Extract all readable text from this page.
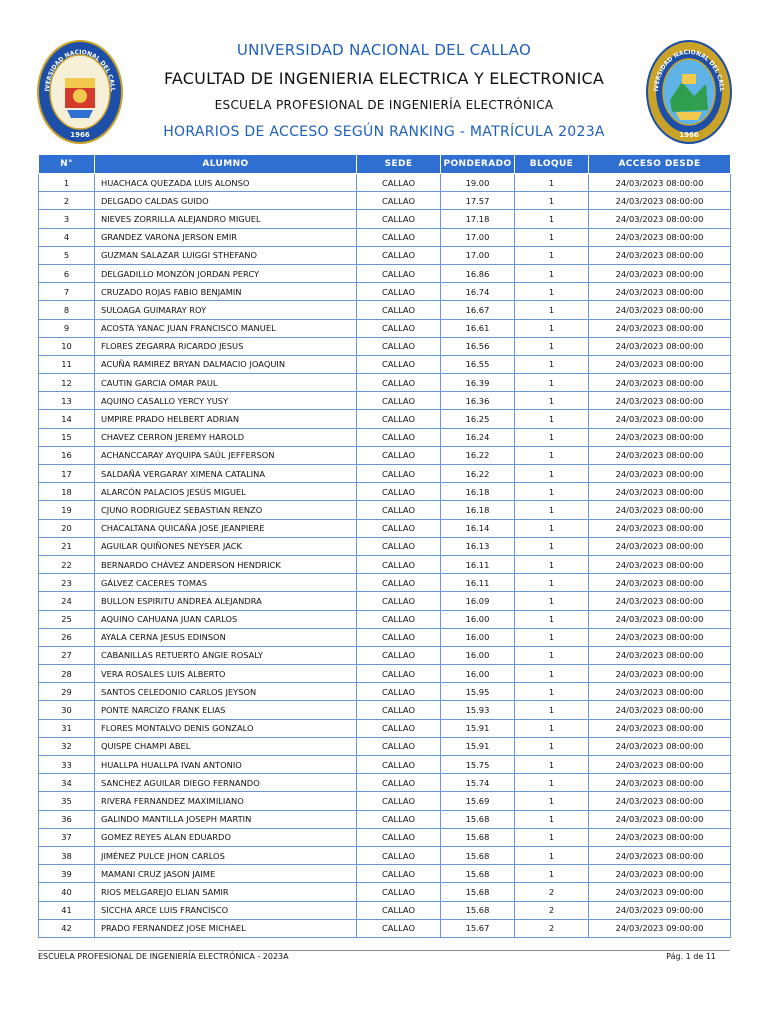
IVERSIDAD NACIONAL DEL CALL
1966
UNIVERSIDAD NACIONAL DEL CALLAO
FACULTAD DE INGENIERIA ELECTRICA Y ELECTRONICA
ESCUELA PROFESIONAL DE INGENIERÍA ELECTRÓNICA
HORARIOS DE ACCESO SEGÚN RANKING - MATRÍCULA 2023A
IVERSIDAD NACIONAL DEL CALL
1966
N°	ALUMNO	SEDE	PONDERADO	BLOQUE	ACCESO DESDE
1	HUACHACA QUEZADA LUIS ALONSO	CALLAO	19.00	1	24/03/2023 08:00:00
2	DELGADO CALDAS GUIDO	CALLAO	17.57	1	24/03/2023 08:00:00
3	NIEVES ZORRILLA ALEJANDRO MIGUEL	CALLAO	17.18	1	24/03/2023 08:00:00
4	GRANDEZ VARONA JERSON EMIR	CALLAO	17.00	1	24/03/2023 08:00:00
5	GUZMAN SALAZAR LUIGGI STHEFANO	CALLAO	17.00	1	24/03/2023 08:00:00
6	DELGADILLO MONZÓN JORDAN PERCY	CALLAO	16.86	1	24/03/2023 08:00:00
7	CRUZADO ROJAS FABIO BENJAMIN	CALLAO	16.74	1	24/03/2023 08:00:00
8	SULOAGA GUIMARAY ROY	CALLAO	16.67	1	24/03/2023 08:00:00
9	ACOSTA YANAC JUAN FRANCISCO MANUEL	CALLAO	16.61	1	24/03/2023 08:00:00
10	FLORES ZEGARRA RICARDO JESUS	CALLAO	16.56	1	24/03/2023 08:00:00
11	ACUÑA RAMIREZ BRYAN DALMACIO JOAQUIN	CALLAO	16.55	1	24/03/2023 08:00:00
12	CAUTIN GARCIA OMAR PAUL	CALLAO	16.39	1	24/03/2023 08:00:00
13	AQUINO CASALLO YERCY YUSY	CALLAO	16.36	1	24/03/2023 08:00:00
14	UMPIRE PRADO HELBERT ADRIAN	CALLAO	16.25	1	24/03/2023 08:00:00
15	CHAVEZ CERRON JEREMY HAROLD	CALLAO	16.24	1	24/03/2023 08:00:00
16	ACHANCCARAY AYQUIPA SAÚL JEFFERSON	CALLAO	16.22	1	24/03/2023 08:00:00
17	SALDAÑA VERGARAY XIMENA CATALINA	CALLAO	16.22	1	24/03/2023 08:00:00
18	ALARCÓN PALACIOS JESÚS MIGUEL	CALLAO	16.18	1	24/03/2023 08:00:00
19	CJUNO RODRIGUEZ SEBASTIAN RENZO	CALLAO	16.18	1	24/03/2023 08:00:00
20	CHACALTANA QUICAÑA JOSE JEANPIERE	CALLAO	16.14	1	24/03/2023 08:00:00
21	AGUILAR QUIÑONES NEYSER JACK	CALLAO	16.13	1	24/03/2023 08:00:00
22	BERNARDO CHÁVEZ ANDERSON HENDRICK	CALLAO	16.11	1	24/03/2023 08:00:00
23	GÁLVEZ CACERES TOMAS	CALLAO	16.11	1	24/03/2023 08:00:00
24	BULLON ESPIRITU ANDREA ALEJANDRA	CALLAO	16.09	1	24/03/2023 08:00:00
25	AQUINO CAHUANA JUAN CARLOS	CALLAO	16.00	1	24/03/2023 08:00:00
26	AYALA CERNA JESUS EDINSON	CALLAO	16.00	1	24/03/2023 08:00:00
27	CABANILLAS RETUERTO ANGIE ROSALY	CALLAO	16.00	1	24/03/2023 08:00:00
28	VERA ROSALES LUIS ALBERTO	CALLAO	16.00	1	24/03/2023 08:00:00
29	SANTOS CELEDONIO CARLOS JEYSON	CALLAO	15.95	1	24/03/2023 08:00:00
30	PONTE NARCIZO FRANK ELIAS	CALLAO	15.93	1	24/03/2023 08:00:00
31	FLORES MONTALVO DENIS GONZALO	CALLAO	15.91	1	24/03/2023 08:00:00
32	QUISPE CHAMPI ABEL	CALLAO	15.91	1	24/03/2023 08:00:00
33	HUALLPA HUALLPA IVAN ANTONIO	CALLAO	15.75	1	24/03/2023 08:00:00
34	SANCHEZ AGUILAR DIEGO FERNANDO	CALLAO	15.74	1	24/03/2023 08:00:00
35	RIVERA FERNANDEZ MAXIMILIANO	CALLAO	15.69	1	24/03/2023 08:00:00
36	GALINDO MANTILLA JOSEPH MARTIN	CALLAO	15.68	1	24/03/2023 08:00:00
37	GOMEZ REYES ALAN EDUARDO	CALLAO	15.68	1	24/03/2023 08:00:00
38	JIMÉNEZ PULCE JHON CARLOS	CALLAO	15.68	1	24/03/2023 08:00:00
39	MAMANI CRUZ JASON JAIME	CALLAO	15.68	1	24/03/2023 08:00:00
40	RIOS MELGAREJO ELIAN SAMIR	CALLAO	15.68	2	24/03/2023 09:00:00
41	SICCHA ARCE LUIS FRANCISCO	CALLAO	15.68	2	24/03/2023 09:00:00
42	PRADO FERNANDEZ JOSE MICHAEL	CALLAO	15.67	2	24/03/2023 09:00:00
ESCUELA PROFESIONAL DE INGENIERÍA ELECTRÓNICA - 2023A	Pág. 1 de 11
